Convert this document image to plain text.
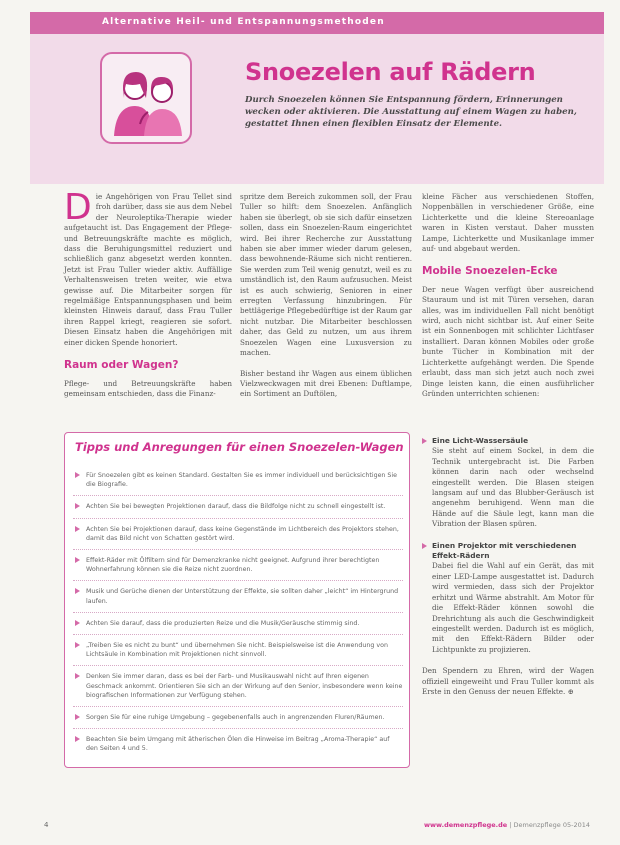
Alternative Heil- und Entspannungsmethoden
Snoezelen auf Rädern
Durch Snoezelen können Sie Entspannung fördern, Erinnerungen wecken oder aktivieren. Die Ausstattung auf einem Wagen zu haben, gestattet Ihnen einen flexiblen Einsatz der Elemente.
D ie Angehörigen von Frau Tellet sind froh darüber, dass sie aus dem Nebel der Neuroleptika-Therapie wieder aufgetaucht ist. Das Engagement der Pflege- und Betreuungskräfte machte es möglich, dass die Beruhigungsmittel reduziert und schließlich ganz abgesetzt werden konnten. Jetzt ist Frau Tuller wieder aktiv. Auffällige Verhaltensweisen treten weiter, wie etwa gewisse auf. Die Mitarbeiter sorgen für regelmäßige Entspannungsphasen und beim kleinsten Hinweis darauf, dass Frau Tuller ihren Rappel kriegt, reagieren sie sofort. Diesen Einsatz haben die Angehörigen mit einer dicken Spende honoriert.
Raum oder Wagen?
Pflege- und Betreuungskräfte haben gemeinsam entschieden, dass die Finanz-
spritze dem Bereich zukommen soll, der Frau Tuller so hilft: dem Snoezelen. Anfänglich haben sie überlegt, ob sie sich dafür einsetzen sollen, dass ein Snoezelen-Raum eingerichtet wird. Bei ihrer Recherche zur Ausstattung haben sie aber immer wieder darum gelesen, dass bewohnende-Räume sich nicht rentieren. Sie werden zum Teil wenig genutzt, weil es zu umständlich ist, den Raum aufzusuchen. Meist ist es auch schwierig, Senioren in einer erregten Verfassung hinzubringen. Für bettlägerige Pflegebedürftige ist der Raum gar nicht nutzbar. Die Mitarbeiter beschlossen daher, das Geld zu nutzen, um aus ihrem Snoezelen Wagen eine Luxusversion zu machen.
Bisher bestand ihr Wagen aus einem üblichen Vielzweckwagen mit drei Ebenen: Duftlampe, ein Sortiment an Duftölen,
kleine Fächer aus verschiedenen Stoffen, Noppenbällen in verschiedener Größe, eine Lichterkette und die kleine Stereoanlage waren in Kisten verstaut. Daher mussten Lampe, Lichterkette und Musikanlage immer auf- und abgebaut werden.
Mobile Snoezelen-Ecke
Der neue Wagen verfügt über ausreichend Stauraum und ist mit Türen versehen, daran alles, was im individuellen Fall nicht benötigt wird, auch nicht sichtbar ist. Auf einer Seite ist ein Sonnenbogen mit schlichter Lichtfaser installiert. Daran können Mobiles oder große bunte Tücher in Kombination mit der Lichterkette aufgehängt werden. Die Spende erlaubt, dass man sich jetzt auch noch zwei Dinge leisten kann, die einen ausführlicher Gründen unterrichten schienen:
Tipps und Anregungen für einen Snoezelen-Wagen
Für Snoezelen gibt es keinen Standard. Gestalten Sie es immer individuell und berücksichtigen Sie die Biografie.
Achten Sie bei bewegten Projektionen darauf, dass die Bildfolge nicht zu schnell eingestellt ist.
Achten Sie bei Projektionen darauf, dass keine Gegenstände im Lichtbereich des Projektors stehen, damit das Bild nicht von Schatten gestört wird.
Effekt-Räder mit Ölfiltern sind für Demenzkranke nicht geeignet. Aufgrund ihrer berechtigten Wohnerfahrung können sie die Reize nicht zuordnen.
Musik und Gerüche dienen der Unterstützung der Effekte, sie sollten daher „leicht“ im Hintergrund laufen.
Achten Sie darauf, dass die produzierten Reize und die Musik/Geräusche stimmig sind.
„Treiben Sie es nicht zu bunt“ und übernehmen Sie nicht. Beispielsweise ist die Anwendung von Lichtsäule in Kombination mit Projektionen nicht sinnvoll.
Denken Sie immer daran, dass es bei der Farb- und Musikauswahl nicht auf Ihren eigenen Geschmack ankommt. Orientieren Sie sich an der Wirkung auf den Senior, insbesondere wenn keine biografischen Informationen zur Verfügung stehen.
Sorgen Sie für eine ruhige Umgebung – gegebenenfalls auch in angrenzenden Fluren/Räumen.
Beachten Sie beim Umgang mit ätherischen Ölen die Hinweise im Beitrag „Aroma-Therapie“ auf den Seiten 4 und 5.
Eine Licht-Wassersäule
Sie steht auf einem Sockel, in dem die Technik untergebracht ist. Die Farben können darin nach oder wechselnd eingestellt werden. Die Blasen steigen langsam auf und das Blubber-Geräusch ist angenehm beruhigend. Wenn man die Hände auf die Säule legt, kann man die Vibration der Blasen spüren.
Einen Projektor mit verschiedenen Effekt-Rädern
Dabei fiel die Wahl auf ein Gerät, das mit einer LED-Lampe ausgestattet ist. Dadurch wird vermieden, dass sich der Projektor erhitzt und Wärme abstrahlt. Am Motor für die Effekt-Räder können sowohl die Drehrichtung als auch die Geschwindigkeit eingestellt werden. Dadurch ist es möglich, mit den Effekt-Rädern Bilder oder Lichtpunkte zu projizieren.
Den Spendern zu Ehren, wird der Wagen offiziell eingeweiht und Frau Tuller kommt als Erste in den Genuss der neuen Effekte. ⊕
4	www.demenzpflege.de | Demenzpflege 05-2014
